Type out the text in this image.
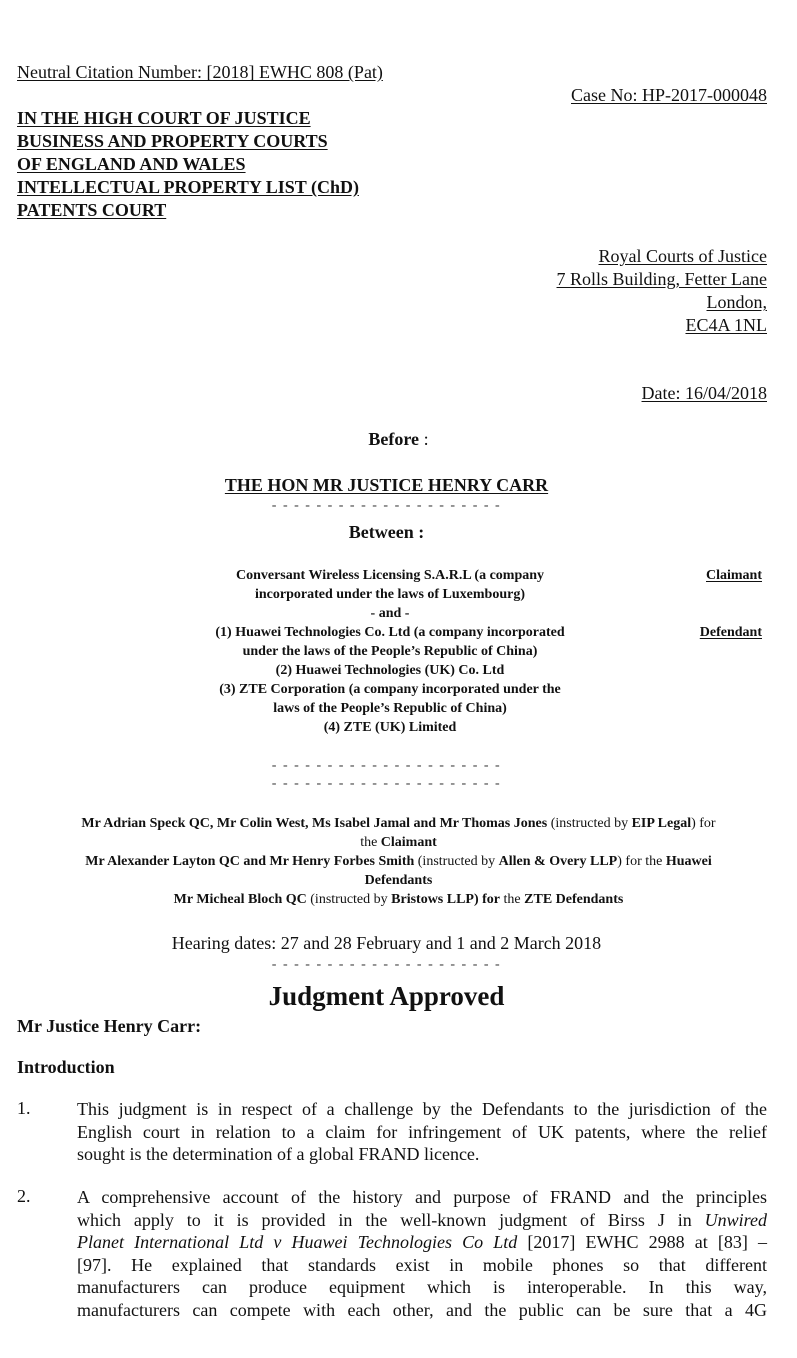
Neutral Citation Number: [2018] EWHC 808 (Pat)
Case No: HP-2017-000048
IN THE HIGH COURT OF JUSTICE
BUSINESS AND PROPERTY COURTS
OF ENGLAND AND WALES
INTELLECTUAL PROPERTY LIST (ChD)
PATENTS COURT
Royal Courts of Justice
7 Rolls Building, Fetter Lane
London,
EC4A 1NL
Date: 16/04/2018
Before :
THE HON MR JUSTICE HENRY CARR
- - - - - - - - - - - - - - - - - - - - -
Between :
Conversant Wireless Licensing S.A.R.L (a company
incorporated under the laws of Luxembourg)
- and -
(1) Huawei Technologies Co. Ltd (a company incorporated
under the laws of the People’s Republic of China)
(2) Huawei Technologies (UK) Co. Ltd
(3) ZTE Corporation (a company incorporated under the
laws of the People’s Republic of China)
(4) ZTE (UK) Limited
Claimant
Defendant
- - - - - - - - - - - - - - - - - - - - -
- - - - - - - - - - - - - - - - - - - - -
Mr Adrian Speck QC, Mr Colin West, Ms Isabel Jamal and Mr Thomas Jones (instructed by EIP Legal) for
the Claimant
Mr Alexander Layton QC and Mr Henry Forbes Smith (instructed by Allen & Overy LLP) for the Huawei
Defendants
Mr Micheal Bloch QC (instructed by Bristows LLP) for the ZTE Defendants
Hearing dates: 27 and 28 February and 1 and 2 March 2018
- - - - - - - - - - - - - - - - - - - - -
Judgment Approved
Mr Justice Henry Carr:
Introduction
1.	This judgment is in respect of a challenge by the Defendants to the jurisdiction of the
English court in relation to a claim for infringement of UK patents, where the relief
sought is the determination of a global FRAND licence.
2.	A comprehensive account of the history and purpose of FRAND and the principles
which apply to it is provided in the well-known judgment of Birss J in Unwired
Planet International Ltd v Huawei Technologies Co Ltd [2017] EWHC 2988 at [83] –
[97]. He explained that standards exist in mobile phones so that different
manufacturers can produce equipment which is interoperable. In this way,
manufacturers can compete with each other, and the public can be sure that a 4G
